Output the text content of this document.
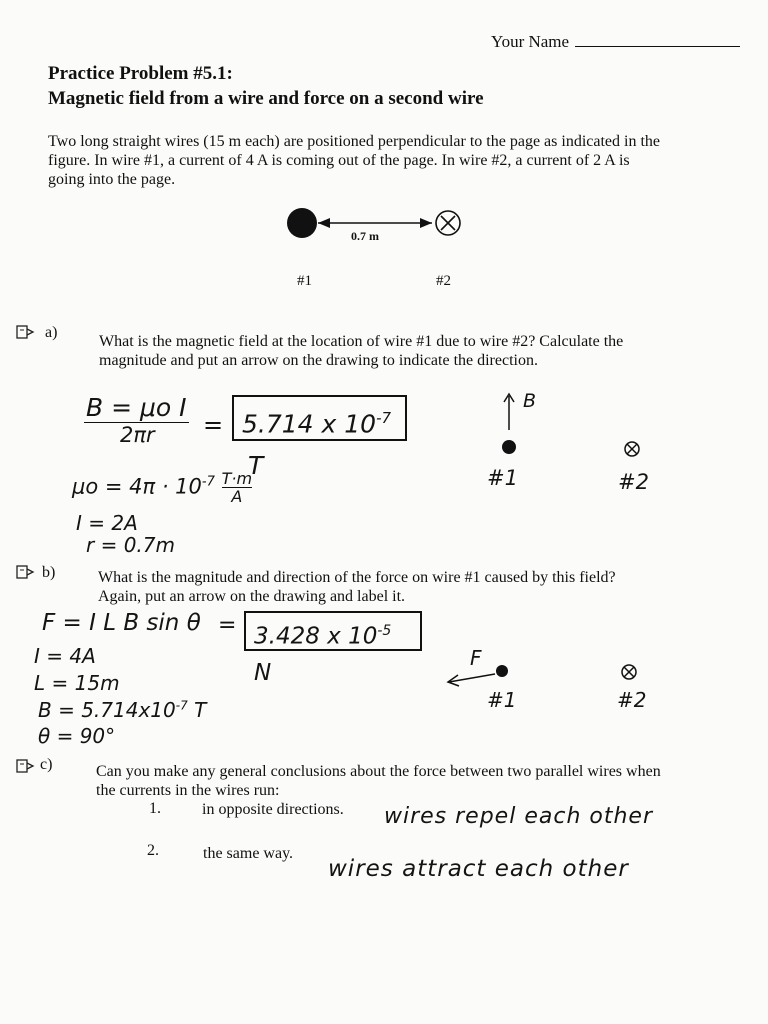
Your Name
Practice Problem #5.1:
Magnetic field from a wire and force on a second wire
Two long straight wires (15 m each) are positioned perpendicular to the page as indicated in the
figure. In wire #1, a current of 4 A is coming out of the page. In wire #2, a current of 2 A is
going into the page.
0.7 m
#1	#2
a)
What is the magnetic field at the location of wire #1 due to wire #2? Calculate the
magnitude and put an arrow on the drawing to indicate the direction.
B = μo I
2πr	= 5.714 x $10^{-7}$ T
$\mu o = 4\pi \cdot 10^{-7} \frac{T\cdot m}{A}$
I = 2A
r = 0.7m
B
#1	#2
b)	What is the magnitude and direction of the force on wire #1 caused by this field?
Again, put an arrow on the drawing and label it.
F = I L B sin θ = 3.428 x $10^{-5}$ N
I = 4A
L = 15m
$B = 5.714x10^{-7}$ T
θ = 90°
F
#1	#2
c)	Can you make any general conclusions about the force between two parallel wires when
the currents in the wires run:
1.	in opposite directions. wires repel each other
2.	the same way.
wires attract each other
